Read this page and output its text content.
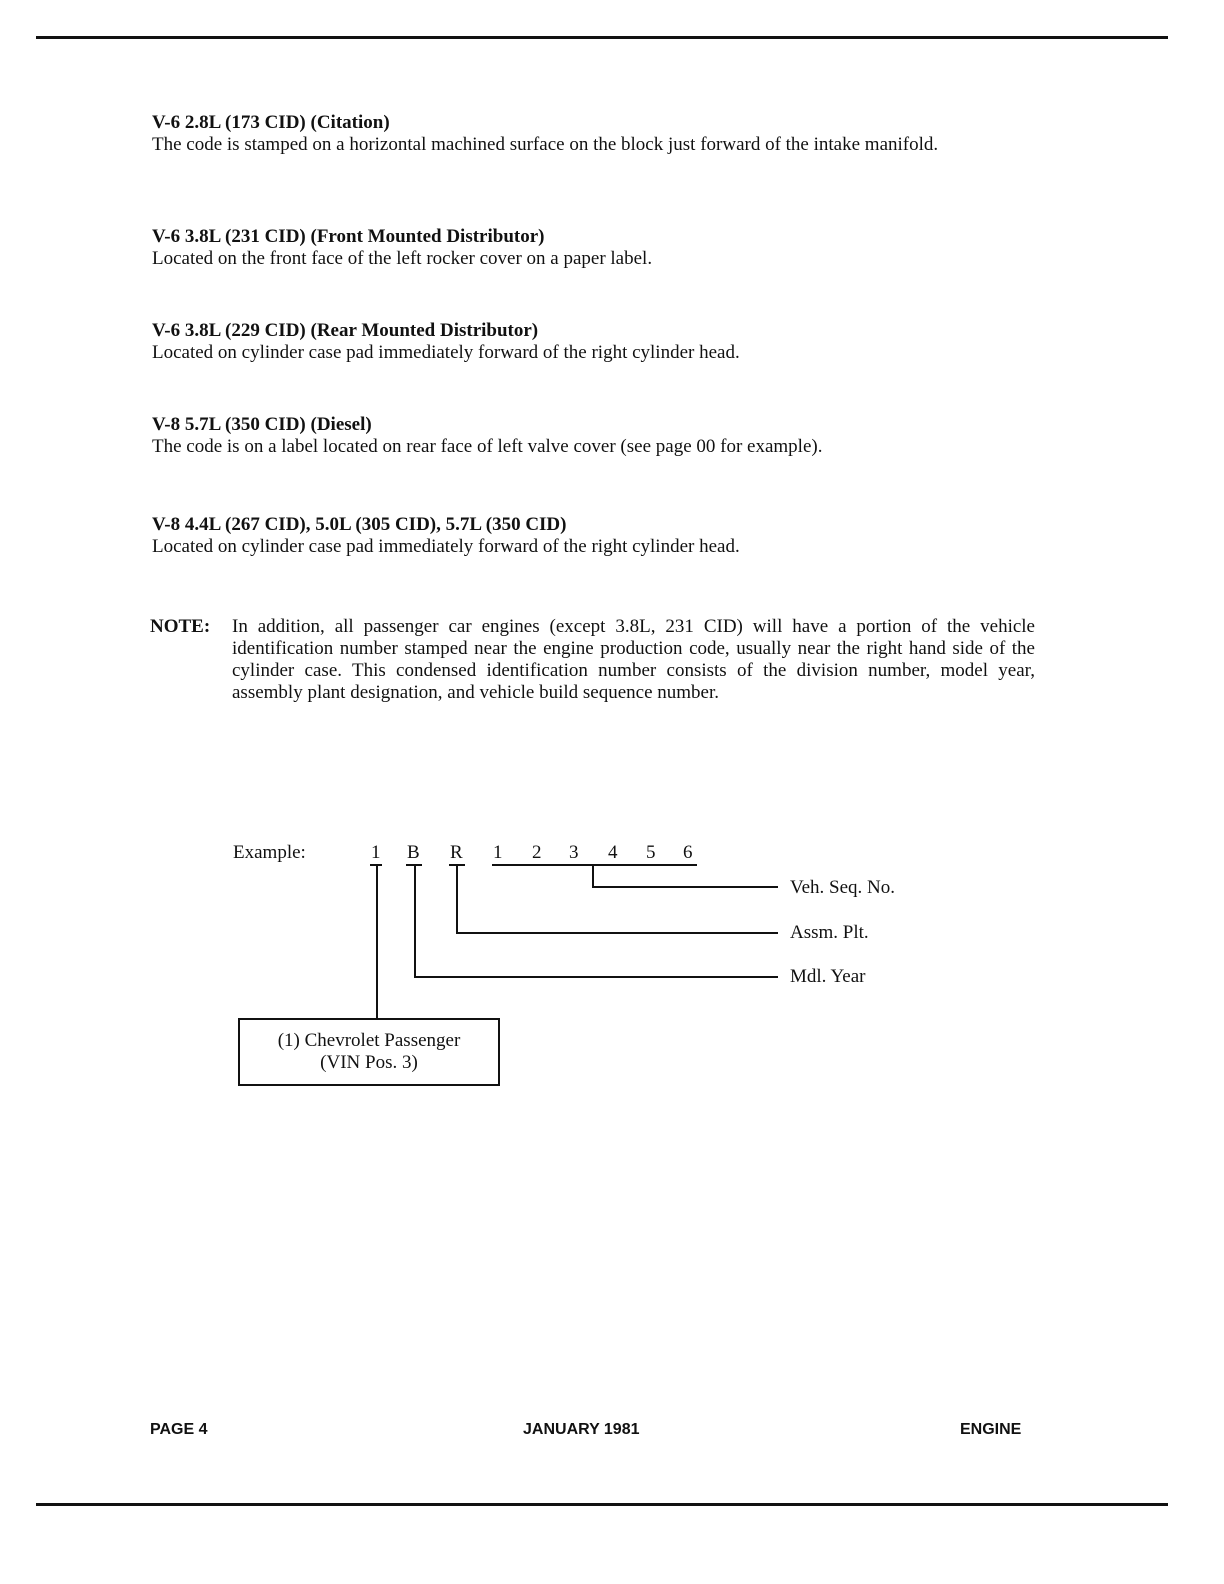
V-6 2.8L (173 CID) (Citation)

The code is stamped on a horizontal machined surface on the block just forward of the intake manifold.

V-6 3.8L (231 CID) (Front Mounted Distributor)

Located on the front face of the left rocker cover on a paper label.

V-6 3.8L (229 CID) (Rear Mounted Distributor)

Located on cylinder case pad immediately forward of the right cylinder head.

V-8 5.7L (350 CID) (Diesel)

The code is on a label located on rear face of left valve cover (see page 00 for example).

V-8 4.4L (267 CID), 5.0L (305 CID), 5.7L (350 CID)

Located on cylinder case pad immediately forward of the right cylinder head.

NOTE: In addition, all passenger car engines (except 3.8L, 231 CID) will have a portion of the vehicle identification number stamped near the engine production code, usually near the right hand side of the cylinder case. This condensed identification number consists of the division number, model year, assembly plant designation, and vehicle build sequence number.
Example:	1 B R 1 2 3 4 5 6
Veh. Seq. No.
Assm. Plt.
Mdl. Year
(1) Chevrolet Passenger
(VIN Pos. 3)
PAGE 4	JANUARY 1981	ENGINE
